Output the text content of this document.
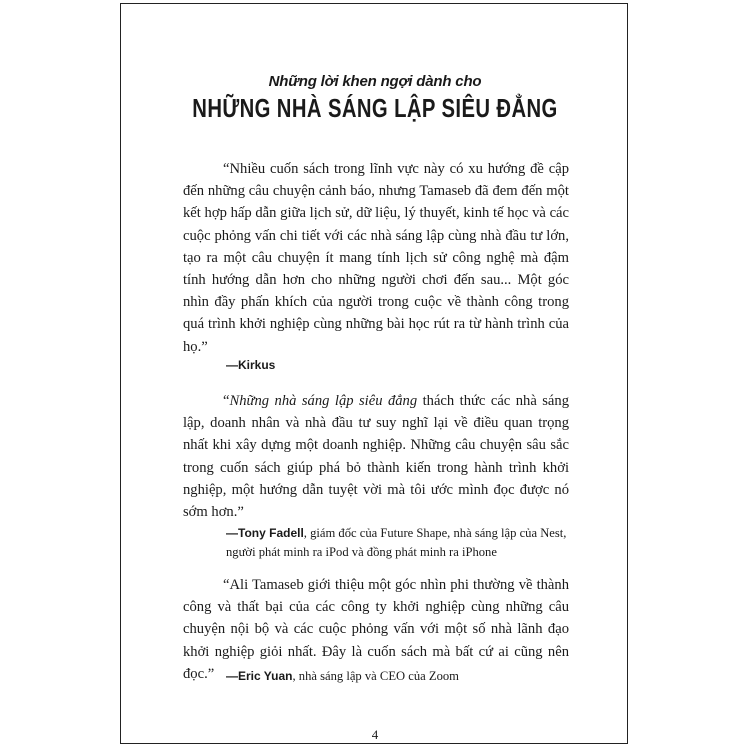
Những lời khen ngợi dành cho
NHỮNG NHÀ SÁNG LẬP SIÊU ĐẲNG
“Nhiều cuốn sách trong lĩnh vực này có xu hướng đề cập đến những câu chuyện cảnh báo, nhưng Tamaseb đã đem đến một kết hợp hấp dẫn giữa lịch sử, dữ liệu, lý thuyết, kinh tế học và các cuộc phỏng vấn chi tiết với các nhà sáng lập cùng nhà đầu tư lớn, tạo ra một câu chuyện ít mang tính lịch sử công nghệ mà đậm tính hướng dẫn hơn cho những người chơi đến sau... Một góc nhìn đầy phấn khích của người trong cuộc về thành công trong quá trình khởi nghiệp cùng những bài học rút ra từ hành trình của họ.”
—Kirkus
“Những nhà sáng lập siêu đẳng thách thức các nhà sáng lập, doanh nhân và nhà đầu tư suy nghĩ lại về điều quan trọng nhất khi xây dựng một doanh nghiệp. Những câu chuyện sâu sắc trong cuốn sách giúp phá bỏ thành kiến trong hành trình khởi nghiệp, một hướng dẫn tuyệt vời mà tôi ước mình đọc được nó sớm hơn.”
—Tony Fadell, giám đốc của Future Shape, nhà sáng lập của Nest,
người phát minh ra iPod và đồng phát minh ra iPhone
“Ali Tamaseb giới thiệu một góc nhìn phi thường về thành công và thất bại của các công ty khởi nghiệp cùng những câu chuyện nội bộ và các cuộc phỏng vấn với một số nhà lãnh đạo khởi nghiệp giỏi nhất. Đây là cuốn sách mà bất cứ ai cũng nên đọc.” —Eric Yuan, nhà sáng lập và CEO của Zoom
4
